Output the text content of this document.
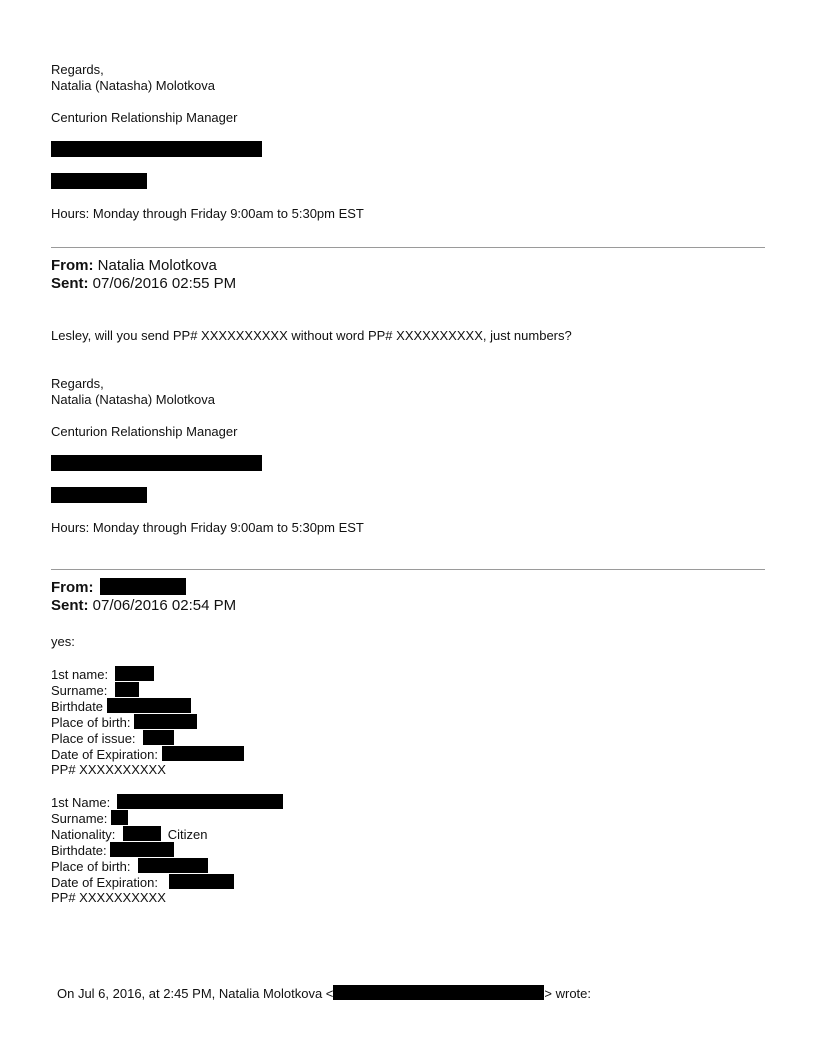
Regards,
Natalia (Natasha) Molotkova
Centurion Relationship Manager
Hours: Monday through Friday 9:00am to 5:30pm EST
From: Natalia Molotkova
Sent: 07/06/2016 02:55 PM
Lesley, will you send PP# XXXXXXXXXX without word PP# XXXXXXXXXX, just numbers?
Regards,
Natalia (Natasha) Molotkova
Centurion Relationship Manager
Hours: Monday through Friday 9:00am to 5:30pm EST
From:
Sent: 07/06/2016 02:54 PM
yes:
1st name:
Surname:
Birthdate
Place of birth:
Place of issue:
Date of Expiration:
PP# XXXXXXXXXX
1st Name:
Surname:
Nationality:	Citizen
Birthdate:
Place of birth:
Date of Expiration:
PP# XXXXXXXXXX
On Jul 6, 2016, at 2:45 PM, Natalia Molotkova <	> wrote:
